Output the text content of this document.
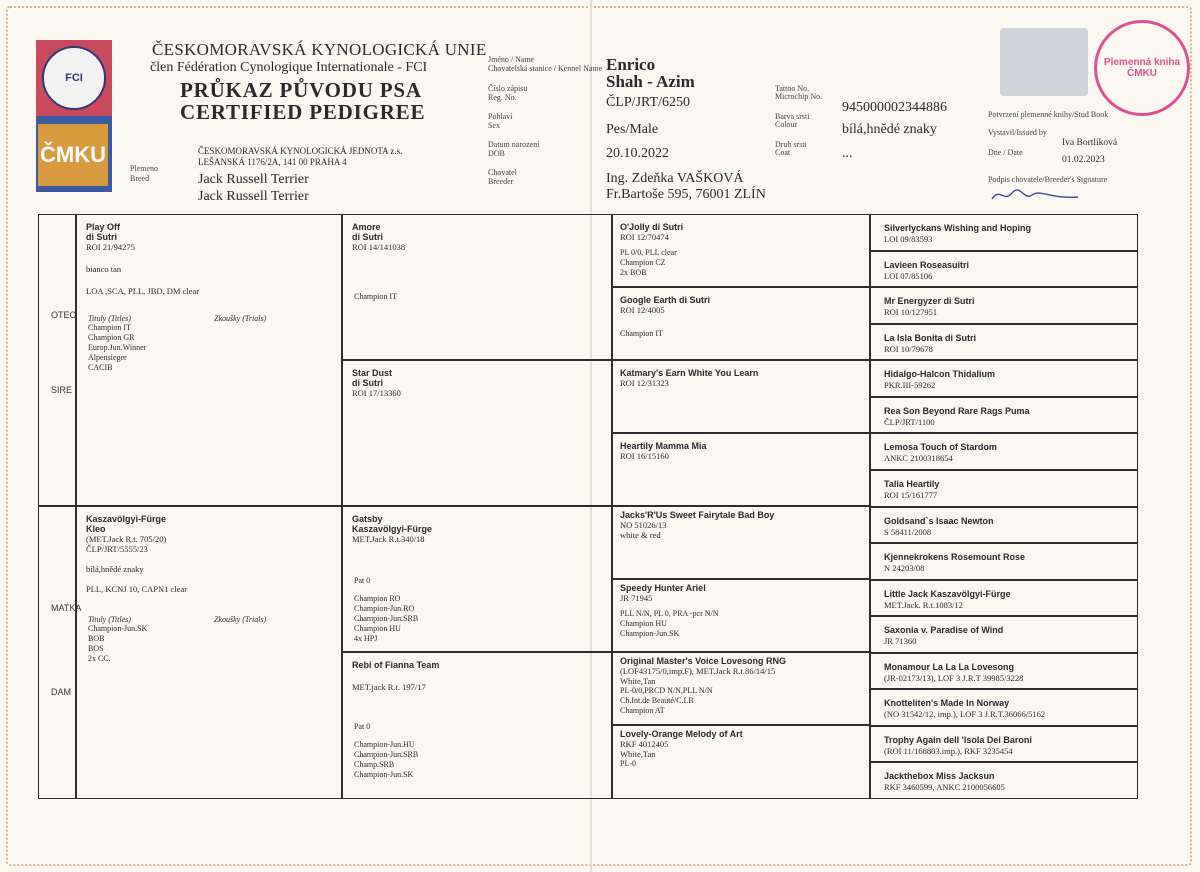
FCI
ČMKU
ČESKOMORAVSKÁ KYNOLOGICKÁ UNIE
člen Fédération Cynologique Internationale - FCI
PRŮKAZ PŮVODU PSA
CERTIFIED PEDIGREE
ČESKOMORAVSKÁ KYNOLOGICKÁ JEDNOTA z.s.
LEŠANSKÁ 1176/2A, 141 00 PRAHA 4
Plemeno
Breed	Jack Russell Terrier
Jack Russell Terrier
Jméno / Name
Chovatelská stanice / Kennel Name Enrico
Shah - Azim
Číslo zápisu
Reg. No.	ČLP/JRT/6250
Tattoo No.
Microchip No.
945000002344886
Pohlaví
Sex	Pes/Male
Barva srsti
Colour	bílá,hnědé znaky
Datum narození
DOB	20.10.2022
Druh srsti
Coat	...
Chovatel
Breeder	Ing. Zdeňka VAŠKOVÁ
Fr.Bartoše 595, 76001 ZLÍN
Plemenná kniha ČMKU
Potvrzení plemenné knihy/Stud Book
Vystavil/Issued by
Iva Bortlíková
Dne / Date
01.02.2023
Podpis chovatele/Breeder's Signature
OTEC
SIRE
MATKA
DAM
Play Off
di Sutri
ROI 21/94275
bianco tan
LOA ,SCA, PLL, JBD, DM clear
Tituly (Titles)	Zkoušky (Trials)
Champion IT
Champion GR
Europ.Jun.Winner
Alpensieger
CACIB
Amore
di Sutri
ROI 14/141038
Champion IT
Star Dust
di Sutri
ROI 17/13360
O'Jolly di Sutri
ROI 12/70474
PL 0/0, PLL clear
Champion CZ
2x BOB
Google Earth di Sutri
ROI 12/4005
Champion IT
Katmary's Earn White You Learn
ROI 12/31323
Heartily Mamma Mia
ROI 16/15160
Kaszavölgyi-Fürge
Kleo
(MET.Jack R.t. 705/20)
ČLP/JRT/5555/23
bílá,hnědé znaky
PLL, KCNJ 10, CAPN1 clear
Tituly (Titles)	Zkoušky (Trials)
Champion-Jun.SK
BOB
BOS
2x CC.
Gatsby
Kaszavölgyi-Fürge
MET.Jack R.t.340/18
Pat 0
Champion RO
Champion-Jun.RO
Champion-Jun.SRB
Champion HU
4x HPJ
Rebi of Fianna Team
MET.jack R.t. 197/17
Pat 0
Champion-Jun.HU
Champion-Jun.SRB
Champ.SRB
Champion-Jun.SK
Jacks'R'Us Sweet Fairytale Bad Boy
NO 51026/13
white & red
Speedy Hunter Ariel
JR 71945
PLL N/N, PL 0, PRA -pcr N/N
Champion HU
Champion-Jun.SK
Original Master's Voice Lovesong RNG
(LOF43175/0,imp.F), MET.Jack R.t.86/14/15
White,Tan
PL-0/0,PRCD N/N,PLL N/N
Ch.Int.de Beauté/C.I.B
Champion AT
Lovely-Orange Melody of Art
RKF 4012405
White,Tan
PL-0
Silverlyckans Wishing and Hoping
LOI 09/83593
Lavieen Roseasuitri
LOI 07/85106
Mr Energyzer di Sutri
ROI 10/127951
La Isla Bonita di Sutri
ROI 10/79678
Hidalgo-Halcon Thidalium
PKR.III-59262
Rea Son Beyond Rare Rags Puma
ČLP/JRT/1100
Lemosa Touch of Stardom
ANKC 2100318654
Talia Heartily
ROI 15/161777
Goldsand`s Isaac Newton
S 58411/2008
Kjennekrokens Rosemount Rose
N 24203/08
Little Jack Kaszavölgyi-Fürge
MET.Jack. R.t.1083/12
Saxonia v. Paradise of Wind
JR 71360
Monamour La La La Lovesong
(JR-02173/13), LOF 3 J.R.T 39985/3228
Knotteliten's Made In Norway
(NO 31542/12, imp.), LOF 3 J.R.T.36066/5162
Trophy Again dell 'Isola Dei Baroni
(ROI 11/168803.imp.), RKF 3235454
Jackthebox Miss Jacksun
RKF 3460599, ANKC 2100056605
